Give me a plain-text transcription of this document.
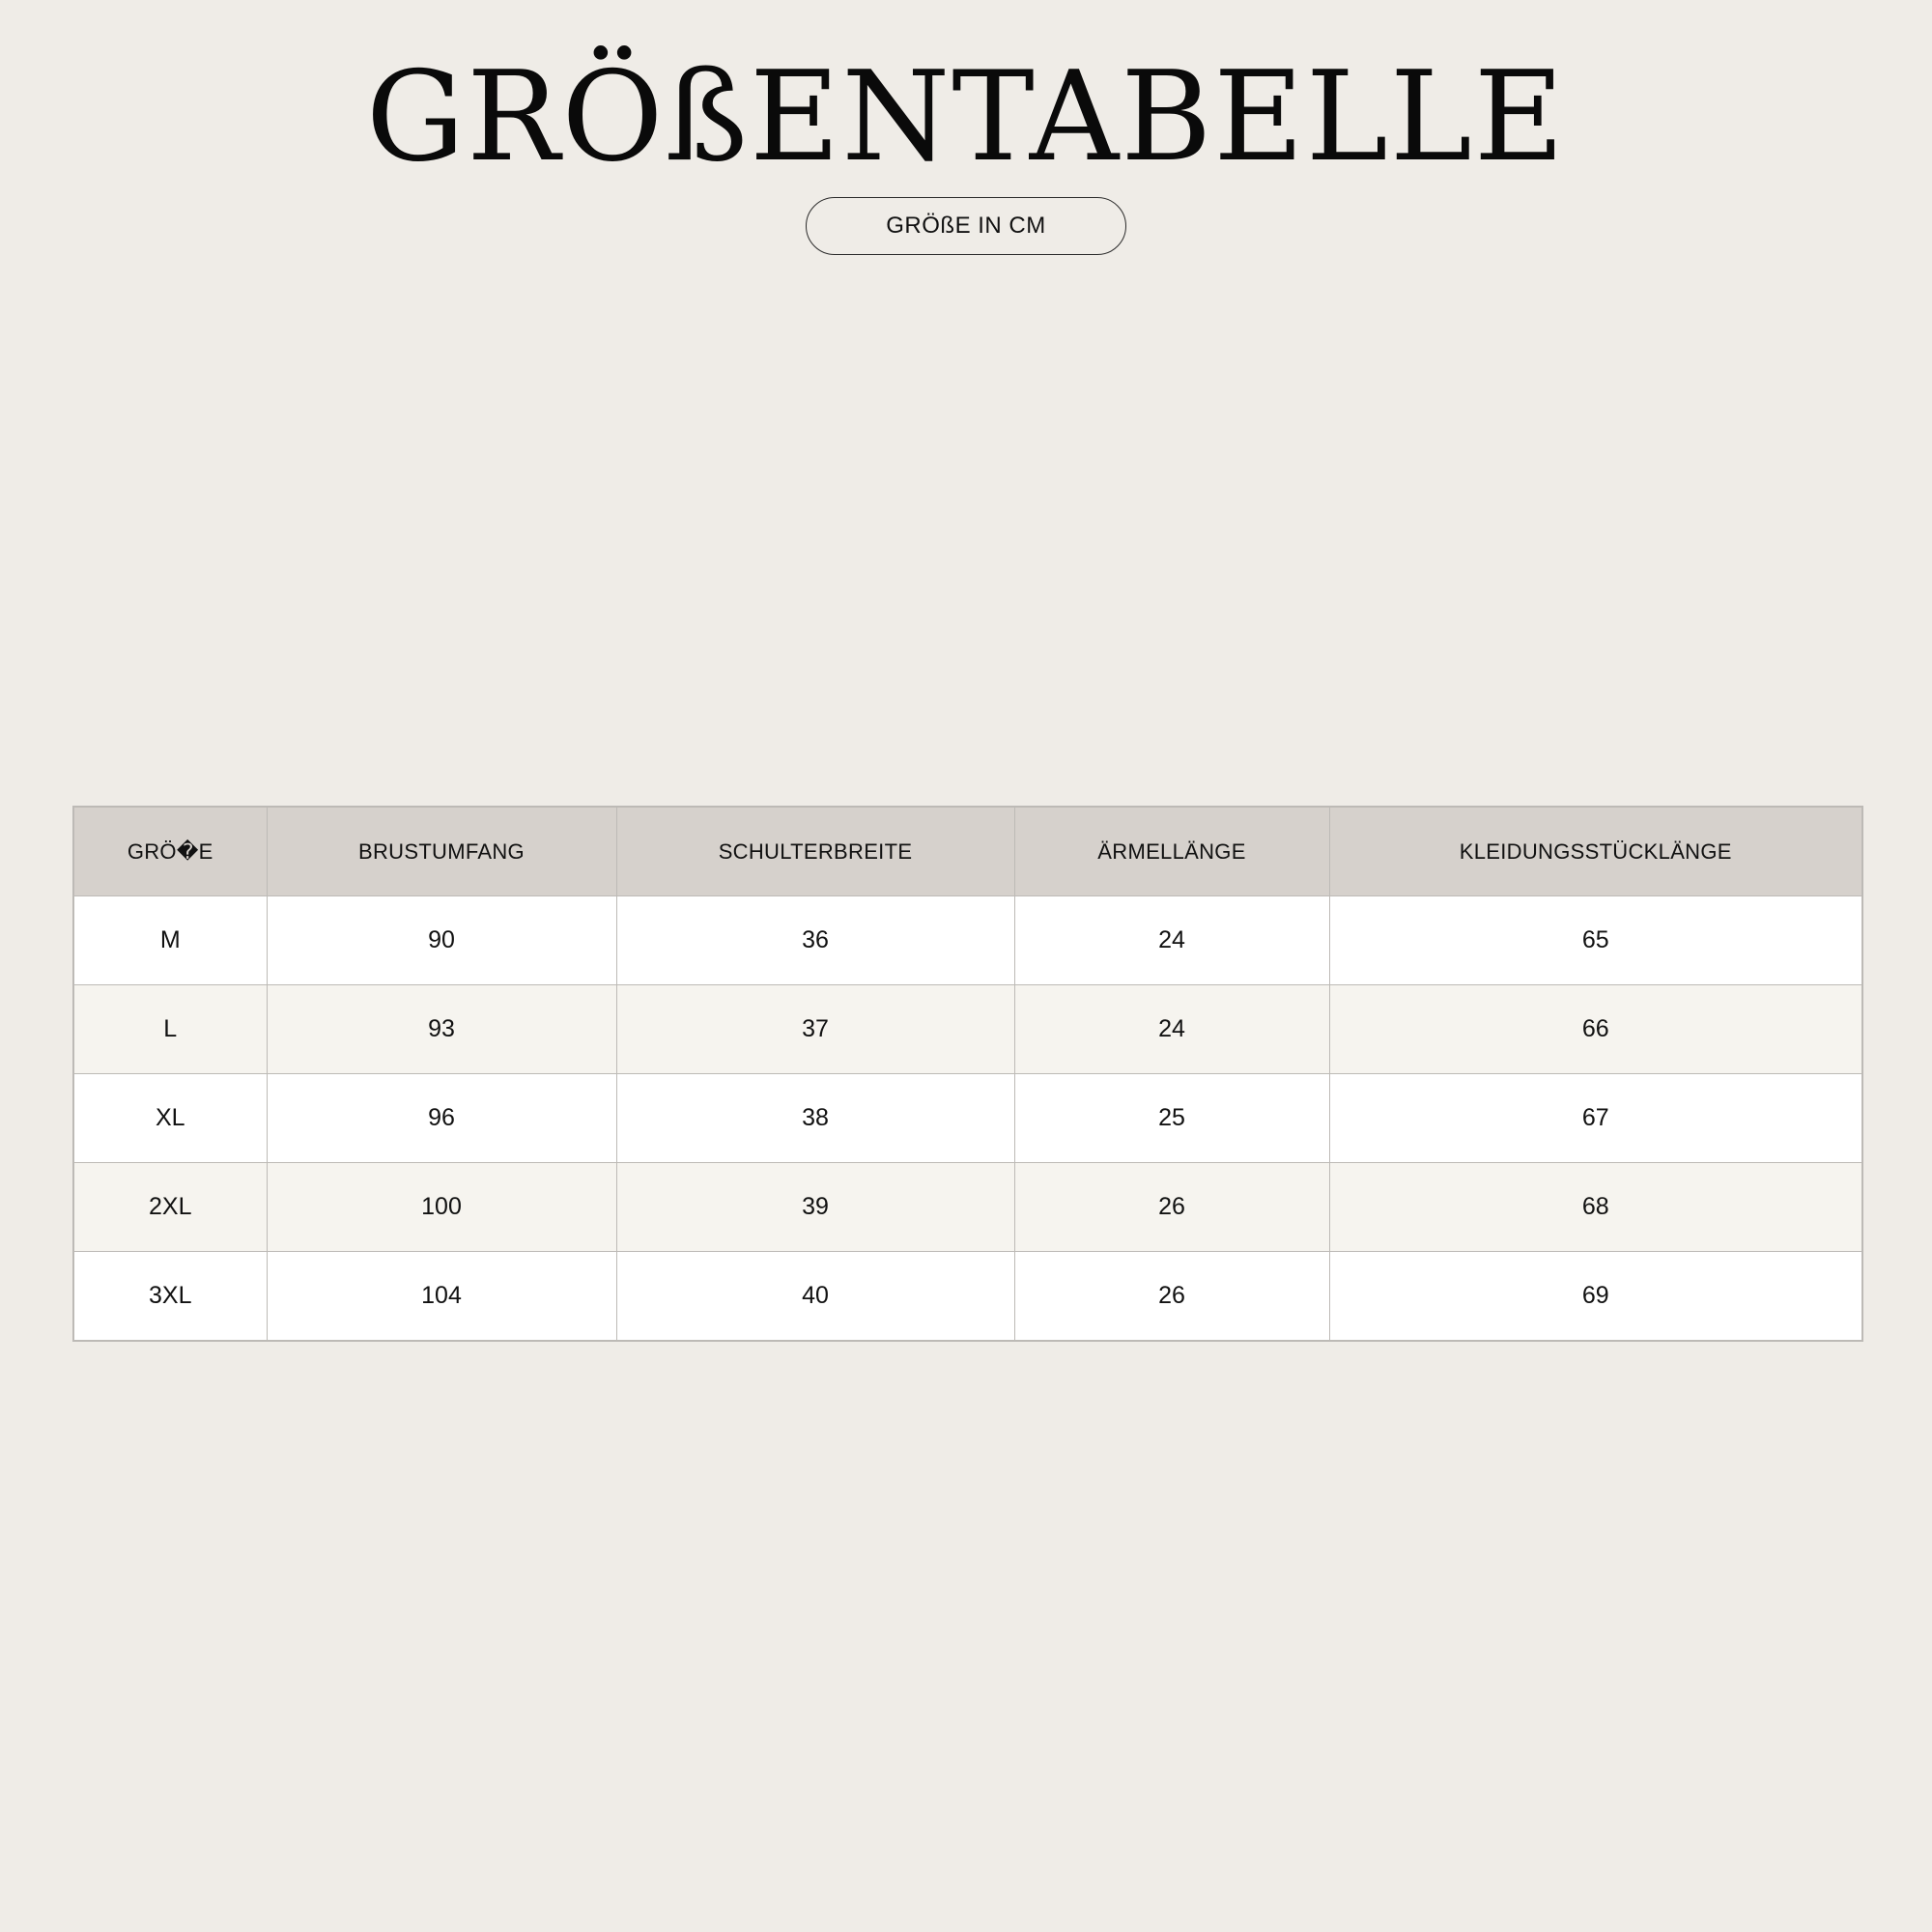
GRÖßENTABELLE
GRÖßE IN CM
GRÖ�E	BRUSTUMFANG	SCHULTERBREITE	ÄRMELLÄNGE	KLEIDUNGSSTÜCKLÄNGE
M	90	36	24	65
L	93	37	24	66
XL	96	38	25	67
2XL	100	39	26	68
3XL	104	40	26	69
